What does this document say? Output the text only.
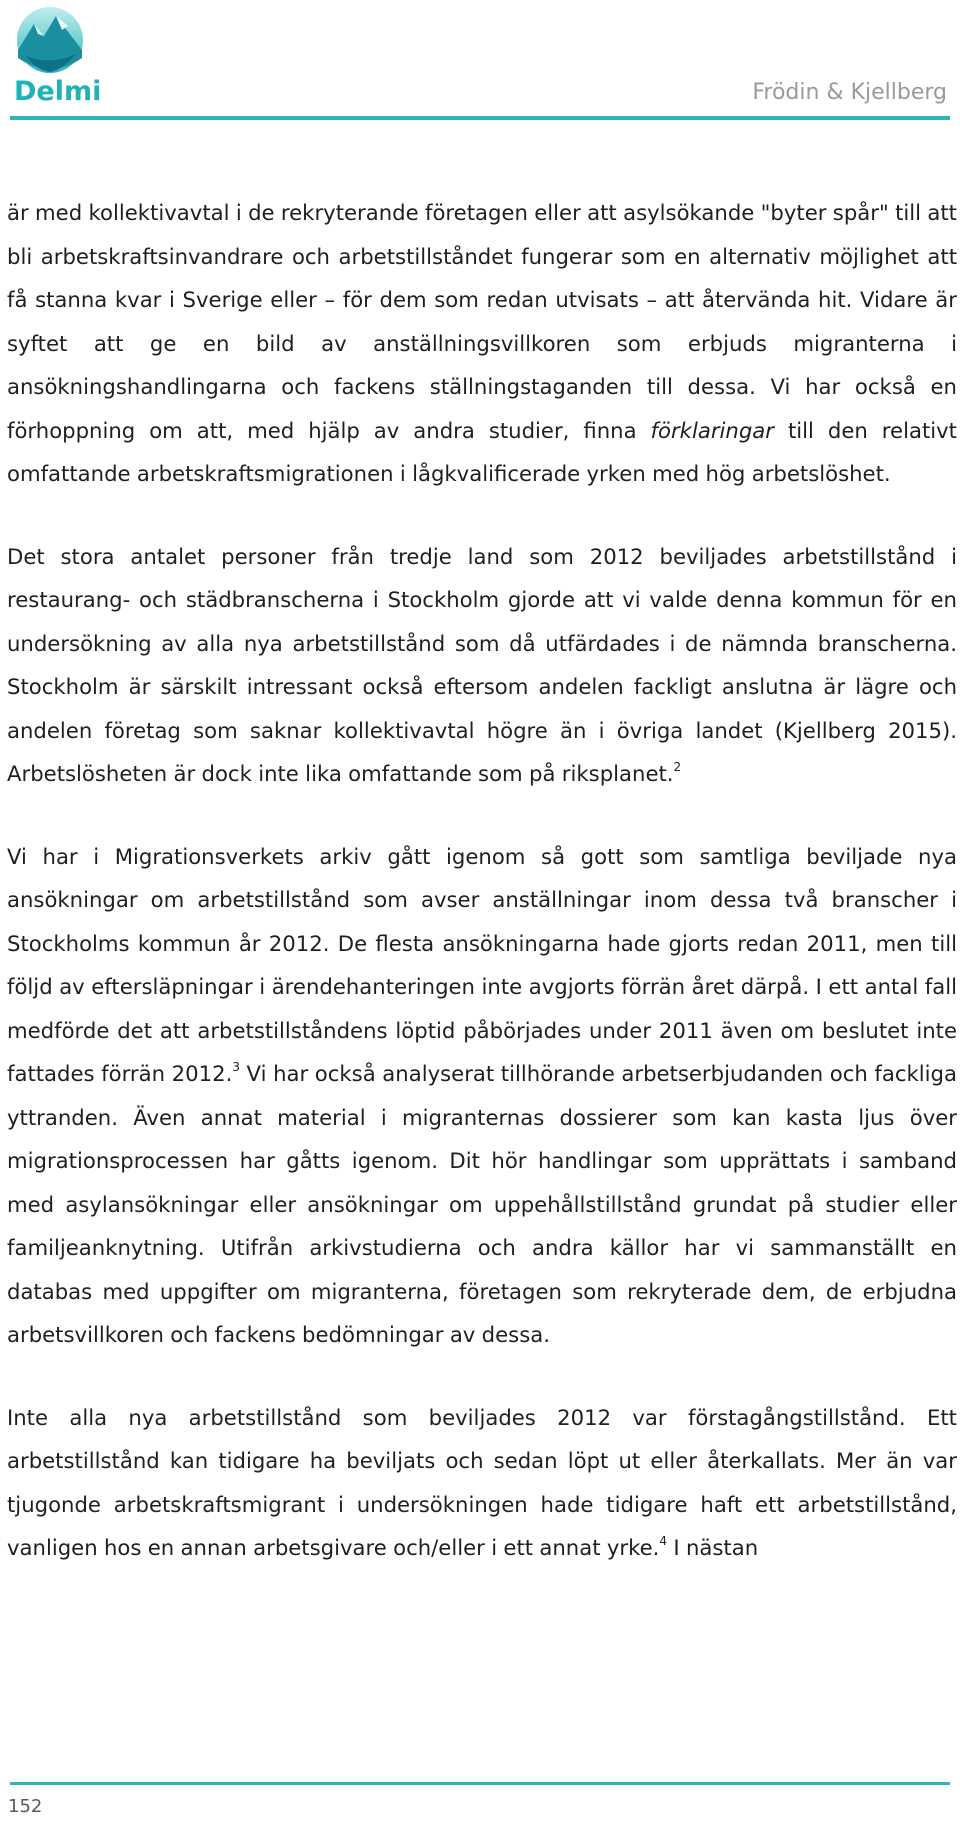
Delmi	Frödin & Kjellberg

är med kollektivavtal i de rekryterande företagen eller att asylsökande "byter spår" till att bli arbetskraftsinvandrare och arbetstillståndet fungerar som en alternativ möjlighet att få stanna kvar i Sverige eller – för dem som redan utvisats – att återvända hit. Vidare är syftet att ge en bild av anställningsvillkoren som erbjuds migranterna i ansökningshandlingarna och fackens ställningstaganden till dessa. Vi har också en förhoppning om att, med hjälp av andra studier, finna förklaringar till den relativt omfattande arbetskraftsmigrationen i lågkvalificerade yrken med hög arbetslöshet.

Det stora antalet personer från tredje land som 2012 beviljades arbetstillstånd i restaurang- och städbranscherna i Stockholm gjorde att vi valde denna kommun för en undersökning av alla nya arbetstillstånd som då utfärdades i de nämnda branscherna. Stockholm är särskilt intressant också eftersom andelen fackligt anslutna är lägre och andelen företag som saknar kollektivavtal högre än i övriga landet (Kjellberg 2015). Arbetslösheten är dock inte lika omfattande som på riksplanet.$^2$

Vi har i Migrationsverkets arkiv gått igenom så gott som samtliga beviljade nya ansökningar om arbetstillstånd som avser anställningar inom dessa två branscher i Stockholms kommun år 2012. De flesta ansökningarna hade gjorts redan 2011, men till följd av eftersläpningar i ärendehanteringen inte avgjorts förrän året därpå. I ett antal fall medförde det att arbetstillståndens löptid påbörjades under 2011 även om beslutet inte fattades förrän 2012.$^3$ Vi har också analyserat tillhörande arbetserbjudanden och fackliga yttranden. Även annat material i migranternas dossierer som kan kasta ljus över migrationsprocessen har gåtts igenom. Dit hör handlingar som upprättats i samband med asylansökningar eller ansökningar om uppehållstillstånd grundat på studier eller familjeanknytning. Utifrån arkivstudierna och andra källor har vi sammanställt en databas med uppgifter om migranterna, företagen som rekryterade dem, de erbjudna arbetsvillkoren och fackens bedömningar av dessa.

Inte alla nya arbetstillstånd som beviljades 2012 var förstagångstillstånd. Ett arbetstillstånd kan tidigare ha beviljats och sedan löpt ut eller återkallats. Mer än var tjugonde arbetskraftsmigrant i undersökningen hade tidigare haft ett arbetstillstånd, vanligen hos en annan arbetsgivare och/eller i ett annat yrke.$^4$ I nästan

152
